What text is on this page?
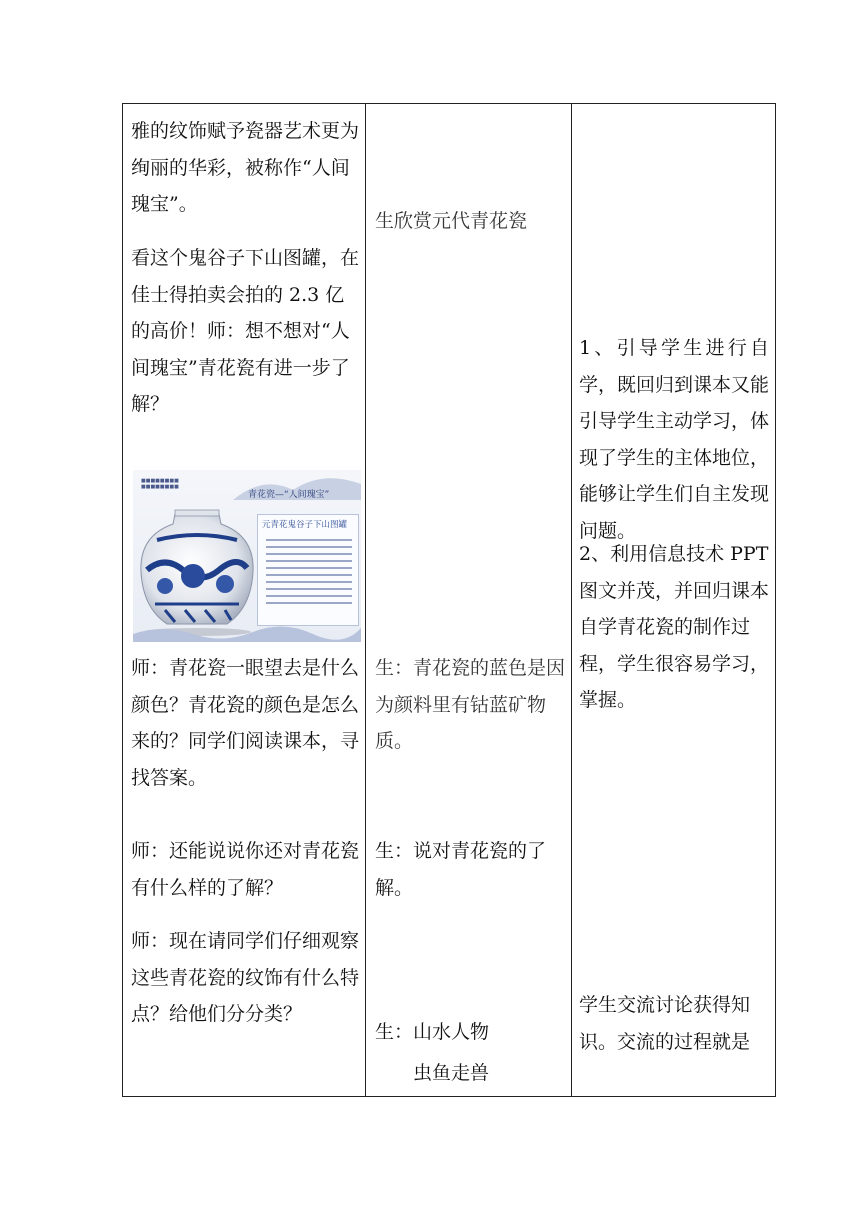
雅的纹饰赋予瓷器艺术更为绚丽的华彩，被称作“人间瑰宝”。
看这个鬼谷子下山图罐，在佳士得拍卖会拍的 2.3 亿的高价！师：想不想对“人间瑰宝”青花瓷有进一步了解？
■■■■■■■■
■■■■■■■■
青花瓷—“人间瑰宝”
元青花鬼谷子下山图罐
师：青花瓷一眼望去是什么颜色？青花瓷的颜色是怎么来的？同学们阅读课本，寻找答案。
师：还能说说你还对青花瓷有什么样的了解？
师：现在请同学们仔细观察这些青花瓷的纹饰有什么特点？给他们分分类？
生欣赏元代青花瓷
生：青花瓷的蓝色是因为颜料里有钴蓝矿物质。
生：说对青花瓷的了解。
生：山水人物
虫鱼走兽
1、引导学生进行自学，既回归到课本又能引导学生主动学习，体现了学生的主体地位，能够让学生们自主发现问题。
2、利用信息技术 PPT 图文并茂，并回归课本自学青花瓷的制作过程，学生很容易学习，掌握。
学生交流讨论获得知识。交流的过程就是
